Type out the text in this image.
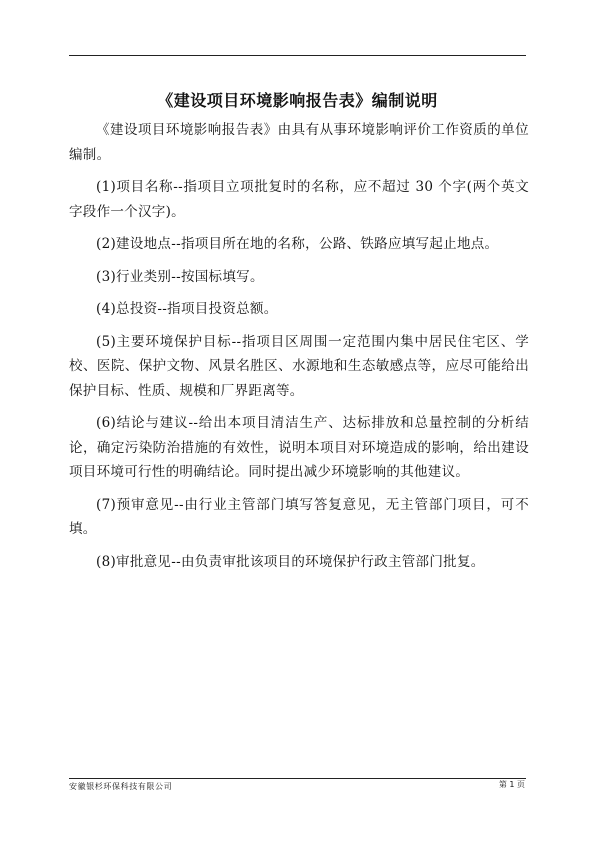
《建设项目环境影响报告表》编制说明

《建设项目环境影响报告表》由具有从事环境影响评价工作资质的单位编制。

(1)项目名称--指项目立项批复时的名称，应不超过 30 个字(两个英文字段作一个汉字)。

(2)建设地点--指项目所在地的名称，公路、铁路应填写起止地点。

(3)行业类别--按国标填写。

(4)总投资--指项目投资总额。

(5)主要环境保护目标--指项目区周围一定范围内集中居民住宅区、学校、医院、保护文物、风景名胜区、水源地和生态敏感点等，应尽可能给出保护目标、性质、规模和厂界距离等。

(6)结论与建议--给出本项目清洁生产、达标排放和总量控制的分析结论，确定污染防治措施的有效性，说明本项目对环境造成的影响，给出建设项目环境可行性的明确结论。同时提出减少环境影响的其他建议。

(7)预审意见--由行业主管部门填写答复意见，无主管部门项目，可不填。

(8)审批意见--由负责审批该项目的环境保护行政主管部门批复。

安徽银杉环保科技有限公司	第 1 页
